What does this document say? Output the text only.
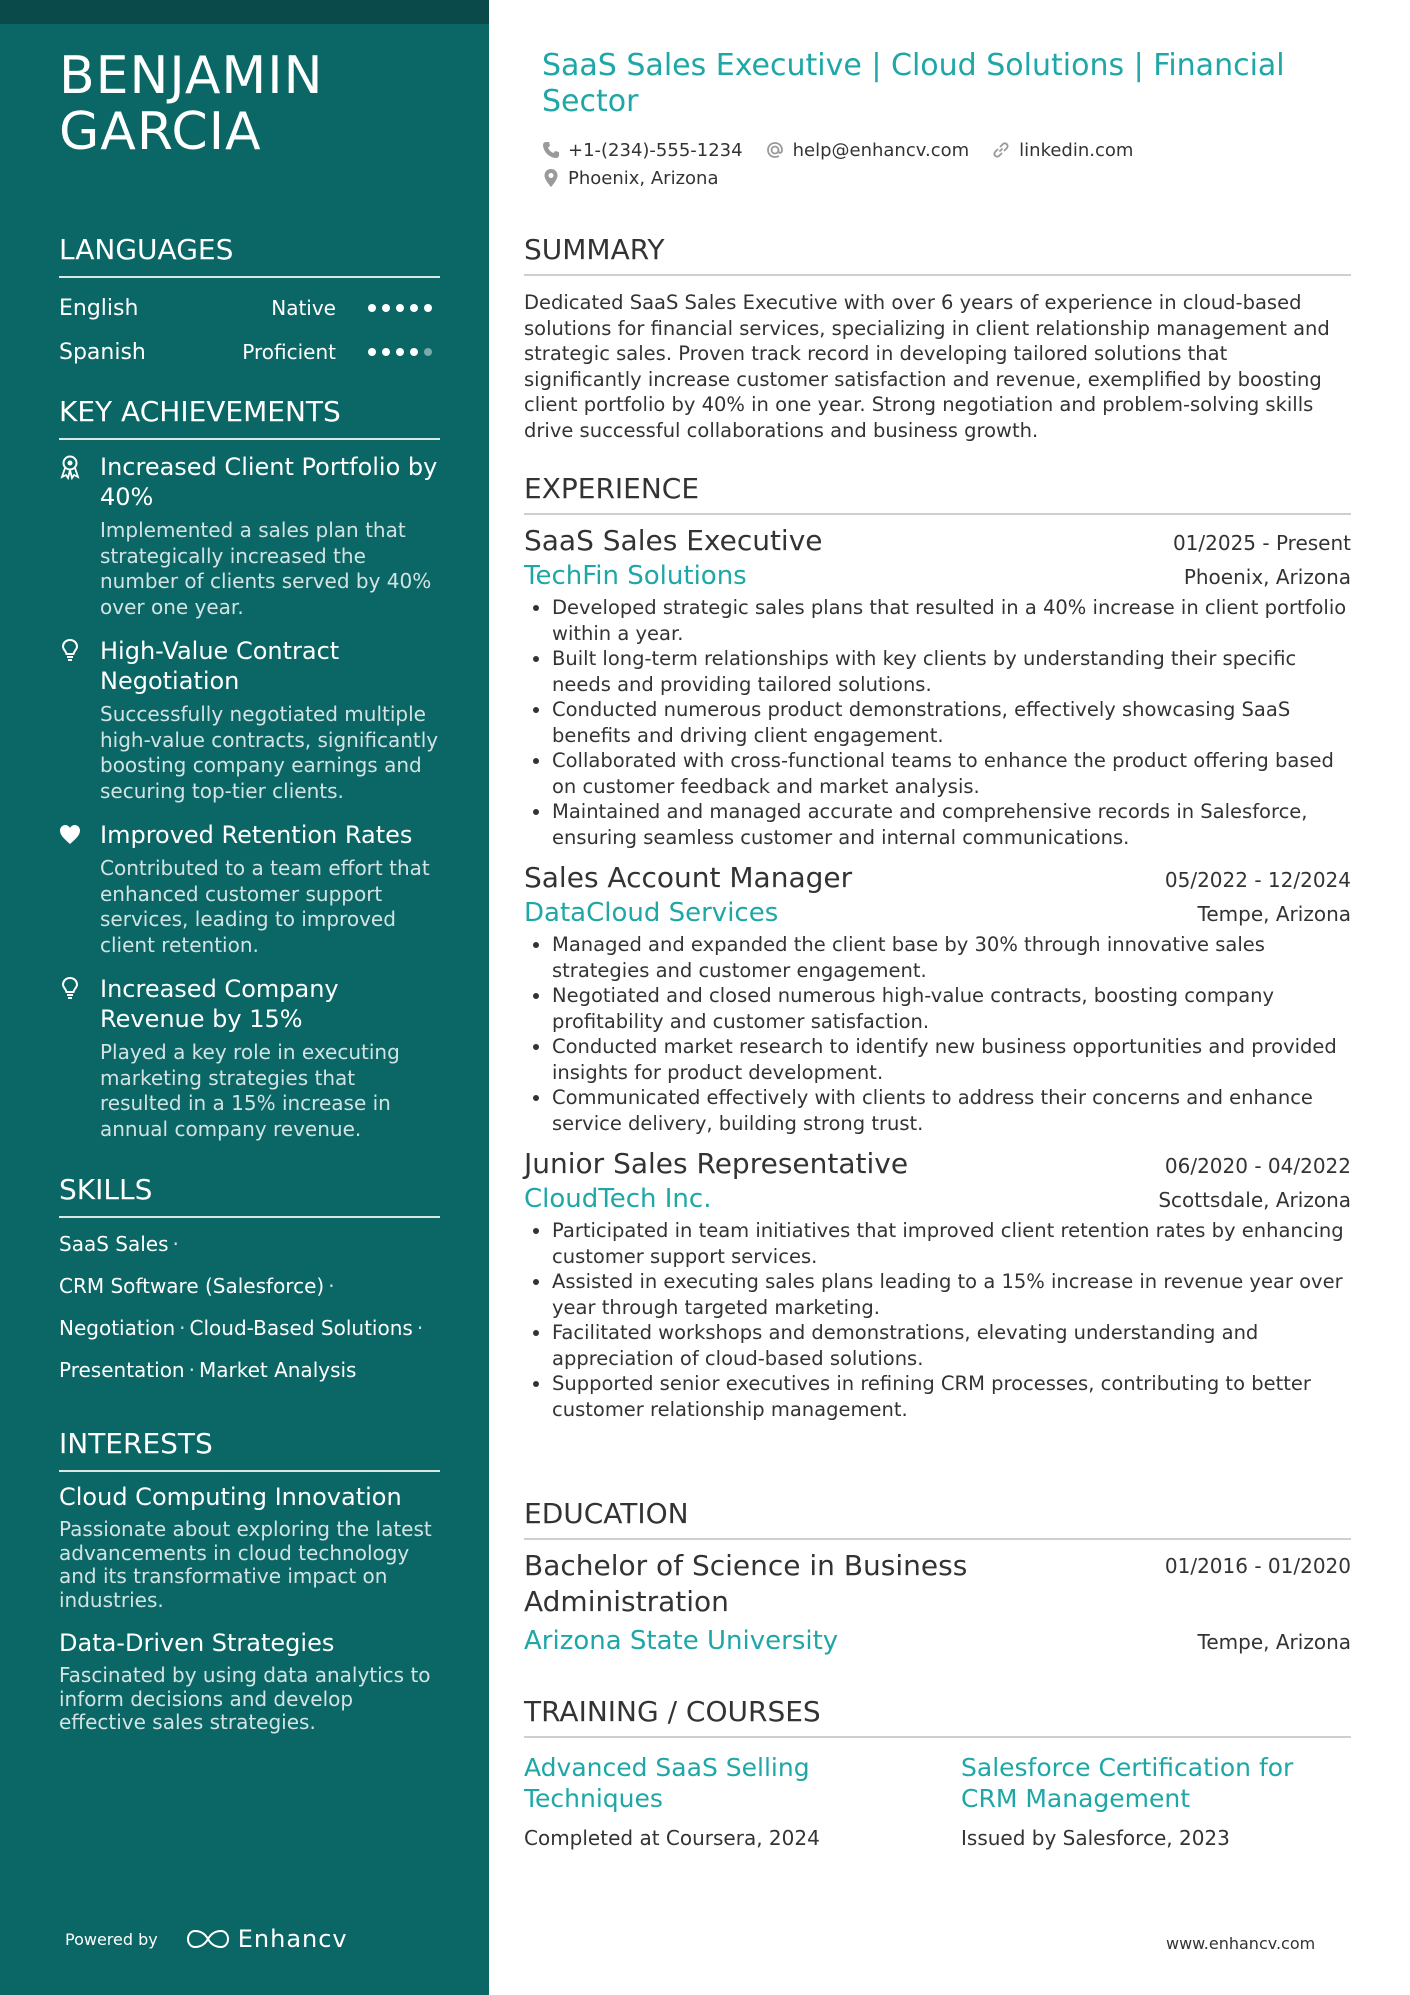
BENJAMIN GARCIA
LANGUAGES
English	Native
Spanish	Proficient
KEY ACHIEVEMENTS
Increased Client Portfolio by 40%
Implemented a sales plan that strategically increased the number of clients served by 40% over one year.
High-Value Contract Negotiation
Successfully negotiated multiple high-value contracts, significantly boosting company earnings and securing top-tier clients.
Improved Retention Rates
Contributed to a team effort that enhanced customer support services, leading to improved client retention.
Increased Company Revenue by 15%
Played a key role in executing marketing strategies that resulted in a 15% increase in annual company revenue.
SKILLS
SaaS Sales ·
CRM Software (Salesforce) ·
Negotiation · Cloud-Based Solutions ·
Presentation · Market Analysis
INTERESTS
Cloud Computing Innovation
Passionate about exploring the latest advancements in cloud technology and its transformative impact on industries.
Data-Driven Strategies
Fascinated by using data analytics to inform decisions and develop effective sales strategies.
Powered by	Enhancv
SaaS Sales Executive | Cloud Solutions | Financial Sector
+1-(234)-555-1234	help@enhancv.com	linkedin.com
Phoenix, Arizona
SUMMARY
Dedicated SaaS Sales Executive with over 6 years of experience in cloud-based solutions for financial services, specializing in client relationship management and strategic sales. Proven track record in developing tailored solutions that significantly increase customer satisfaction and revenue, exemplified by boosting client portfolio by 40% in one year. Strong negotiation and problem-solving skills drive successful collaborations and business growth.
EXPERIENCE
SaaS Sales Executive	01/2025 - Present
TechFin Solutions	Phoenix, Arizona
• Developed strategic sales plans that resulted in a 40% increase in client portfolio within a year.
• Built long-term relationships with key clients by understanding their specific needs and providing tailored solutions.
• Conducted numerous product demonstrations, effectively showcasing SaaS benefits and driving client engagement.
• Collaborated with cross-functional teams to enhance the product offering based on customer feedback and market analysis.
• Maintained and managed accurate and comprehensive records in Salesforce, ensuring seamless customer and internal communications.
Sales Account Manager	05/2022 - 12/2024
DataCloud Services	Tempe, Arizona
• Managed and expanded the client base by 30% through innovative sales strategies and customer engagement.
• Negotiated and closed numerous high-value contracts, boosting company profitability and customer satisfaction.
• Conducted market research to identify new business opportunities and provided insights for product development.
• Communicated effectively with clients to address their concerns and enhance service delivery, building strong trust.
Junior Sales Representative	06/2020 - 04/2022
CloudTech Inc.	Scottsdale, Arizona
• Participated in team initiatives that improved client retention rates by enhancing customer support services.
• Assisted in executing sales plans leading to a 15% increase in revenue year over year through targeted marketing.
• Facilitated workshops and demonstrations, elevating understanding and appreciation of cloud-based solutions.
• Supported senior executives in refining CRM processes, contributing to better customer relationship management.
EDUCATION
Bachelor of Science in Business Administration
01/2016 - 01/2020
Arizona State University	Tempe, Arizona
TRAINING / COURSES
Advanced SaaS Selling Techniques
Completed at Coursera, 2024
Salesforce Certification for CRM Management
Issued by Salesforce, 2023
www.enhancv.com
